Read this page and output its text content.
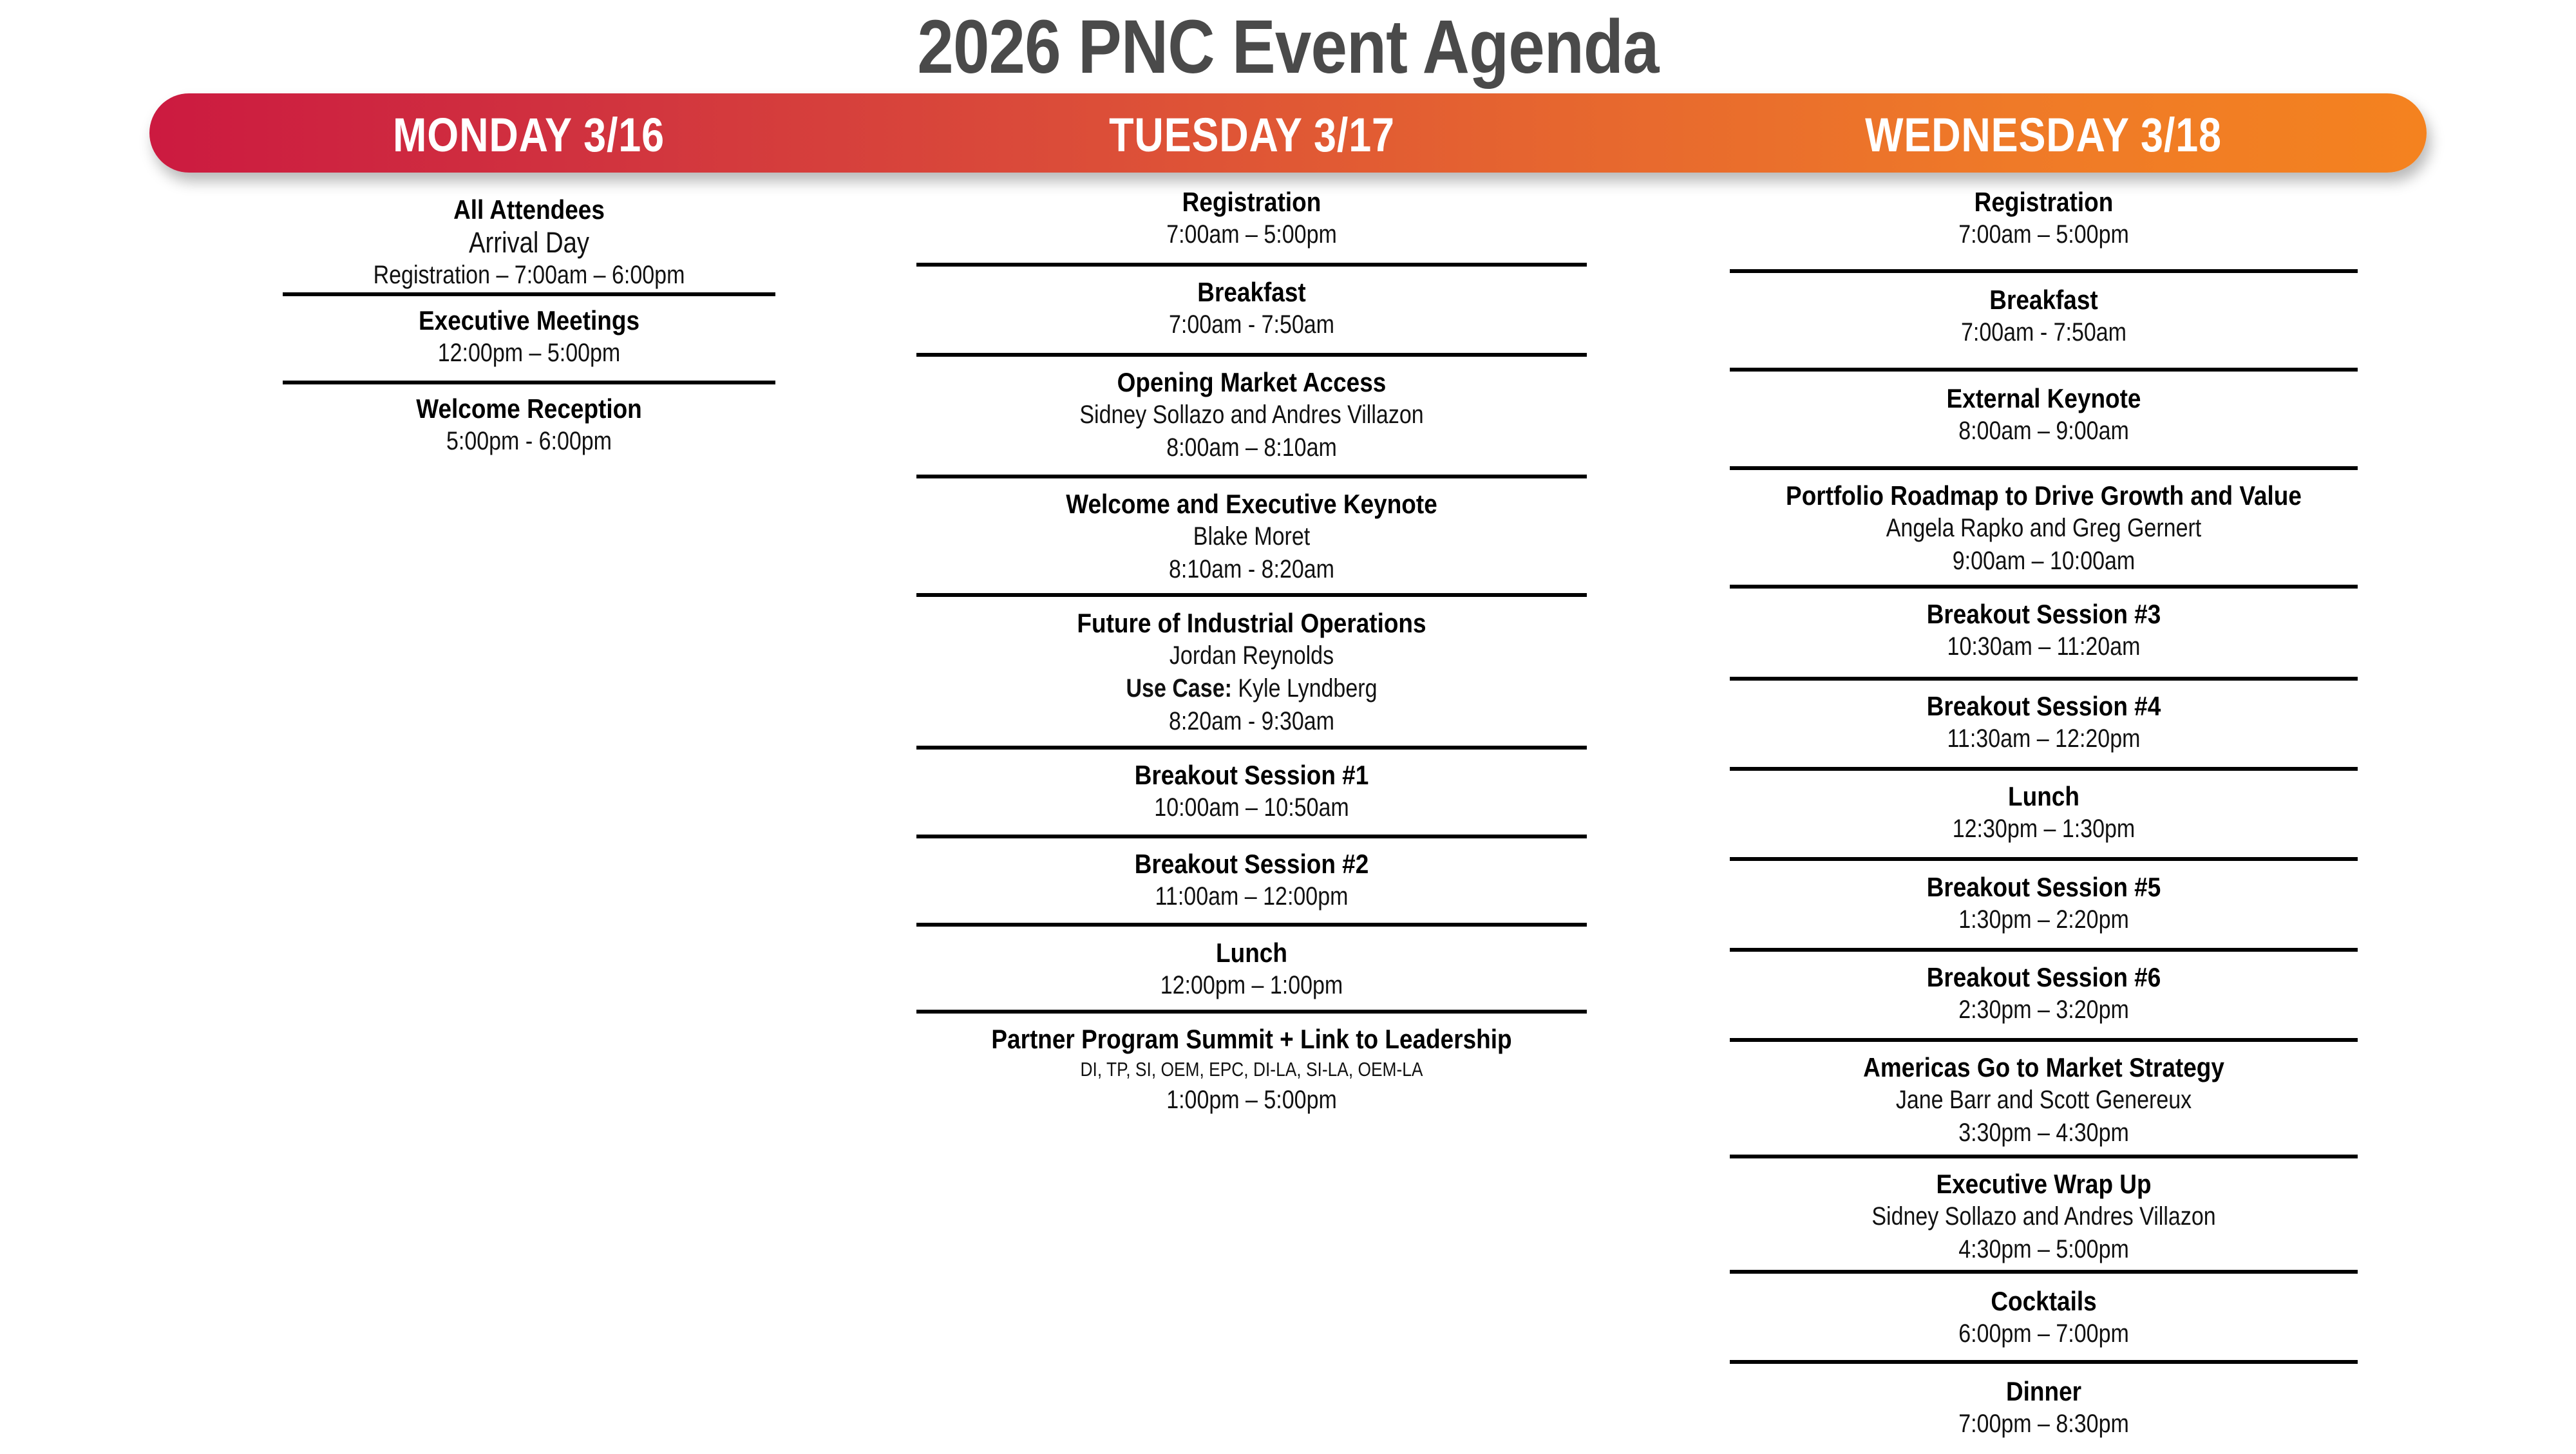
2026 PNC Event Agenda
MONDAY 3/16	TUESDAY 3/17	WEDNESDAY 3/18
All Attendees
Arrival Day
Registration – 7:00am – 6:00pm
Executive Meetings
12:00pm – 5:00pm
Welcome Reception
5:00pm - 6:00pm
Registration
7:00am – 5:00pm
Breakfast
7:00am - 7:50am
Opening Market Access
Sidney Sollazo and Andres Villazon
8:00am – 8:10am
Welcome and Executive Keynote
Blake Moret
8:10am - 8:20am
Future of Industrial Operations
Jordan Reynolds
Use Case: Kyle Lyndberg
8:20am - 9:30am
Breakout Session #1
10:00am – 10:50am
Breakout Session #2
11:00am – 12:00pm
Lunch
12:00pm – 1:00pm
Partner Program Summit + Link to Leadership
DI, TP, SI, OEM, EPC, DI-LA, SI-LA, OEM-LA
1:00pm – 5:00pm
Registration
7:00am – 5:00pm
Breakfast
7:00am - 7:50am
External Keynote
8:00am – 9:00am
Portfolio Roadmap to Drive Growth and Value
Angela Rapko and Greg Gernert
9:00am – 10:00am
Breakout Session #3
10:30am – 11:20am
Breakout Session #4
11:30am – 12:20pm
Lunch
12:30pm – 1:30pm
Breakout Session #5
1:30pm – 2:20pm
Breakout Session #6
2:30pm – 3:20pm
Americas Go to Market Strategy
Jane Barr and Scott Genereux
3:30pm – 4:30pm
Executive Wrap Up
Sidney Sollazo and Andres Villazon
4:30pm – 5:00pm
Cocktails
6:00pm – 7:00pm
Dinner
7:00pm – 8:30pm
